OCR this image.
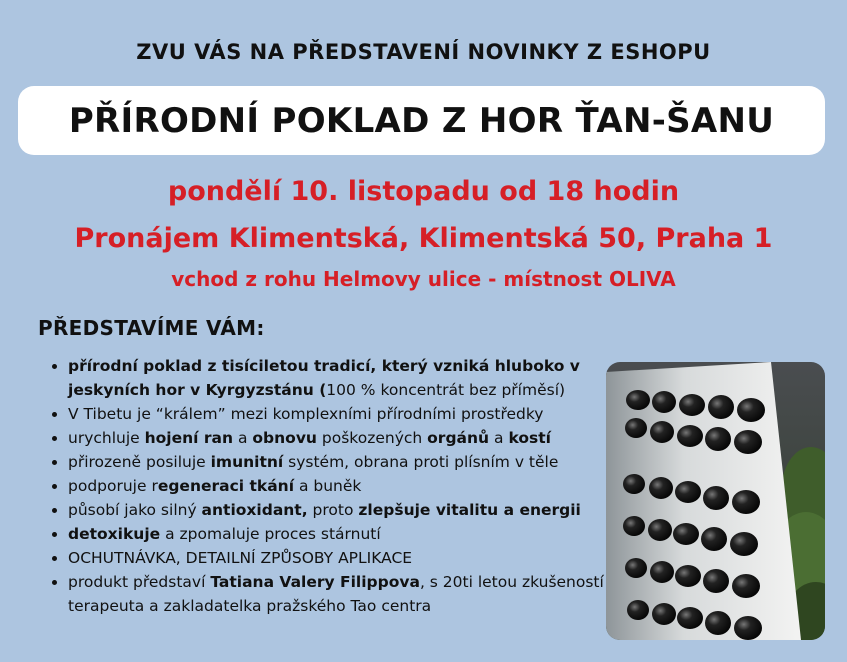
ZVU VÁS NA PŘEDSTAVENÍ NOVINKY Z ESHOPU
PŘÍRODNÍ POKLAD Z HOR ŤAN-ŠANU
pondělí 10. listopadu od 18 hodin
Pronájem Klimentská, Klimentská 50, Praha 1
vchod z rohu Helmovy ulice - místnost OLIVA
PŘEDSTAVÍME VÁM:
• přírodní poklad z tisíciletou tradicí, který vzniká hluboko v jeskyních hor v Kyrgyzstánu (100 % koncentrát bez příměsí)
• V Tibetu je “králem” mezi komplexními přírodními prostředky
• urychluje hojení ran a obnovu poškozených orgánů a kostí
• přirozeně posiluje imunitní systém, obrana proti plísním v těle
• podporuje regeneraci tkání a buněk
• působí jako silný antioxidant, proto zlepšuje vitalitu a energii
• detoxikuje a zpomaluje proces stárnutí
• OCHUTNÁVKA, DETAILNÍ ZPŮSOBY APLIKACE
• produkt představí Tatiana Valery Filippova, s 20ti letou zkušeností terapeuta a zakladatelka pražského Tao centra
